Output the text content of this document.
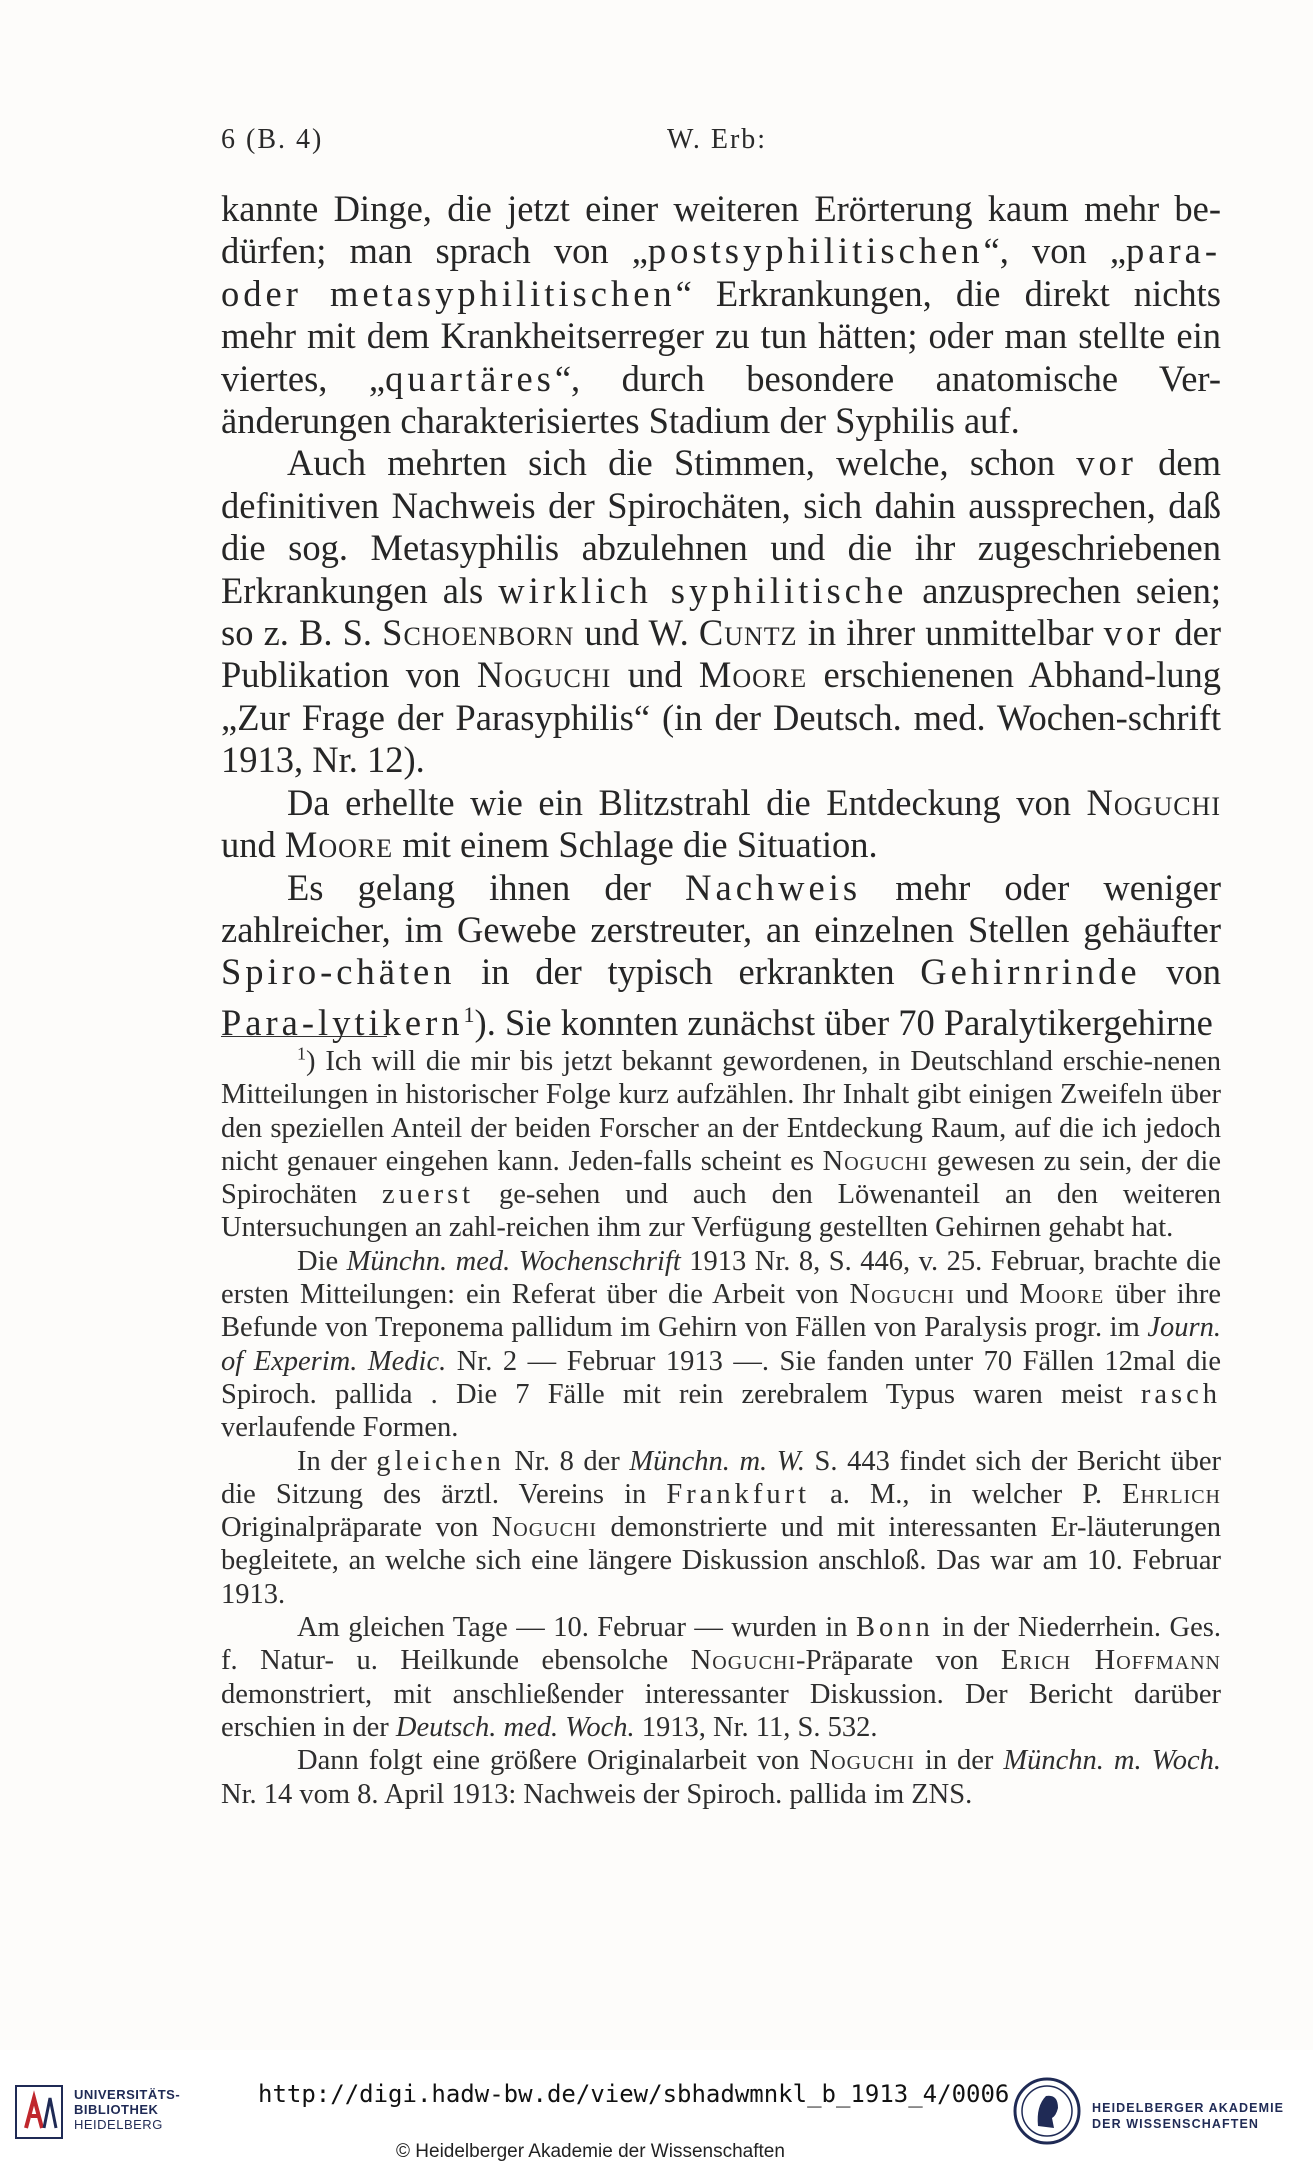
6 (B. 4)	W. Erb:

kannte Dinge, die jetzt einer weiteren Erörterung kaum mehr be-dürfen; man sprach von „postsyphilitischen“, von „para- oder metasyphilitischen“ Erkrankungen, die direkt nichts mehr mit dem Krankheitserreger zu tun hätten; oder man stellte ein viertes, „quartäres“, durch besondere anatomische Ver-änderungen charakterisiertes Stadium der Syphilis auf.

Auch mehrten sich die Stimmen, welche, schon vor dem definitiven Nachweis der Spirochäten, sich dahin aussprechen, daß die sog. Metasyphilis abzulehnen und die ihr zugeschriebenen Erkrankungen als wirklich syphilitische anzusprechen seien; so z. B. S. Schoenborn und W. Cuntz in ihrer unmittelbar vor der Publikation von Noguchi und Moore erschienenen Abhand-lung „Zur Frage der Parasyphilis“ (in der Deutsch. med. Wochen-schrift 1913, Nr. 12).

Da erhellte wie ein Blitzstrahl die Entdeckung von Noguchi und Moore mit einem Schlage die Situation.

Es gelang ihnen der Nachweis mehr oder weniger zahlreicher, im Gewebe zerstreuter, an einzelnen Stellen gehäufter Spiro-chäten in der typisch erkrankten Gehirnrinde von Para-lytikern$^1$). Sie konnten zunächst über 70 Paralytikergehirne

$^1$) Ich will die mir bis jetzt bekannt gewordenen, in Deutschland erschie-nenen Mitteilungen in historischer Folge kurz aufzählen. Ihr Inhalt gibt einigen Zweifeln über den speziellen Anteil der beiden Forscher an der Entdeckung Raum, auf die ich jedoch nicht genauer eingehen kann. Jeden-falls scheint es Noguchi gewesen zu sein, der die Spirochäten zuerst ge-sehen und auch den Löwenanteil an den weiteren Untersuchungen an zahl-reichen ihm zur Verfügung gestellten Gehirnen gehabt hat.

Die Münchn. med. Wochenschrift 1913 Nr. 8, S. 446, v. 25. Februar, brachte die ersten Mitteilungen: ein Referat über die Arbeit von Noguchi und Moore über ihre Befunde von Treponema pallidum im Gehirn von Fällen von Paralysis progr. im Journ. of Experim. Medic. Nr. 2 — Februar 1913 —. Sie fanden unter 70 Fällen 12mal die Spiroch. pallida . Die 7 Fälle mit rein zerebralem Typus waren meist rasch verlaufende Formen.

In der gleichen Nr. 8 der Münchn. m. W. S. 443 findet sich der Bericht über die Sitzung des ärztl. Vereins in Frankfurt a. M., in welcher P. Ehrlich Originalpräparate von Noguchi demonstrierte und mit interessanten Er-läuterungen begleitete, an welche sich eine längere Diskussion anschloß. Das war am 10. Februar 1913.

Am gleichen Tage — 10. Februar — wurden in Bonn in der Niederrhein. Ges. f. Natur- u. Heilkunde ebensolche Noguchi-Präparate von Erich Hoffmann demonstriert, mit anschließender interessanter Diskussion. Der Bericht darüber erschien in der Deutsch. med. Woch. 1913, Nr. 11, S. 532.

Dann folgt eine größere Originalarbeit von Noguchi in der Münchn. m. Woch. Nr. 14 vom 8. April 1913: Nachweis der Spiroch. pallida im ZNS.

UNIVERSITÄTS-
BIBLIOTHEK
HEIDELBERG
http://digi.hadw-bw.de/view/sbhadwmnkl_b_1913_4/0006
© Heidelberger Akademie der Wissenschaften
HEIDELBERGER AKADEMIE
DER WISSENSCHAFTEN
